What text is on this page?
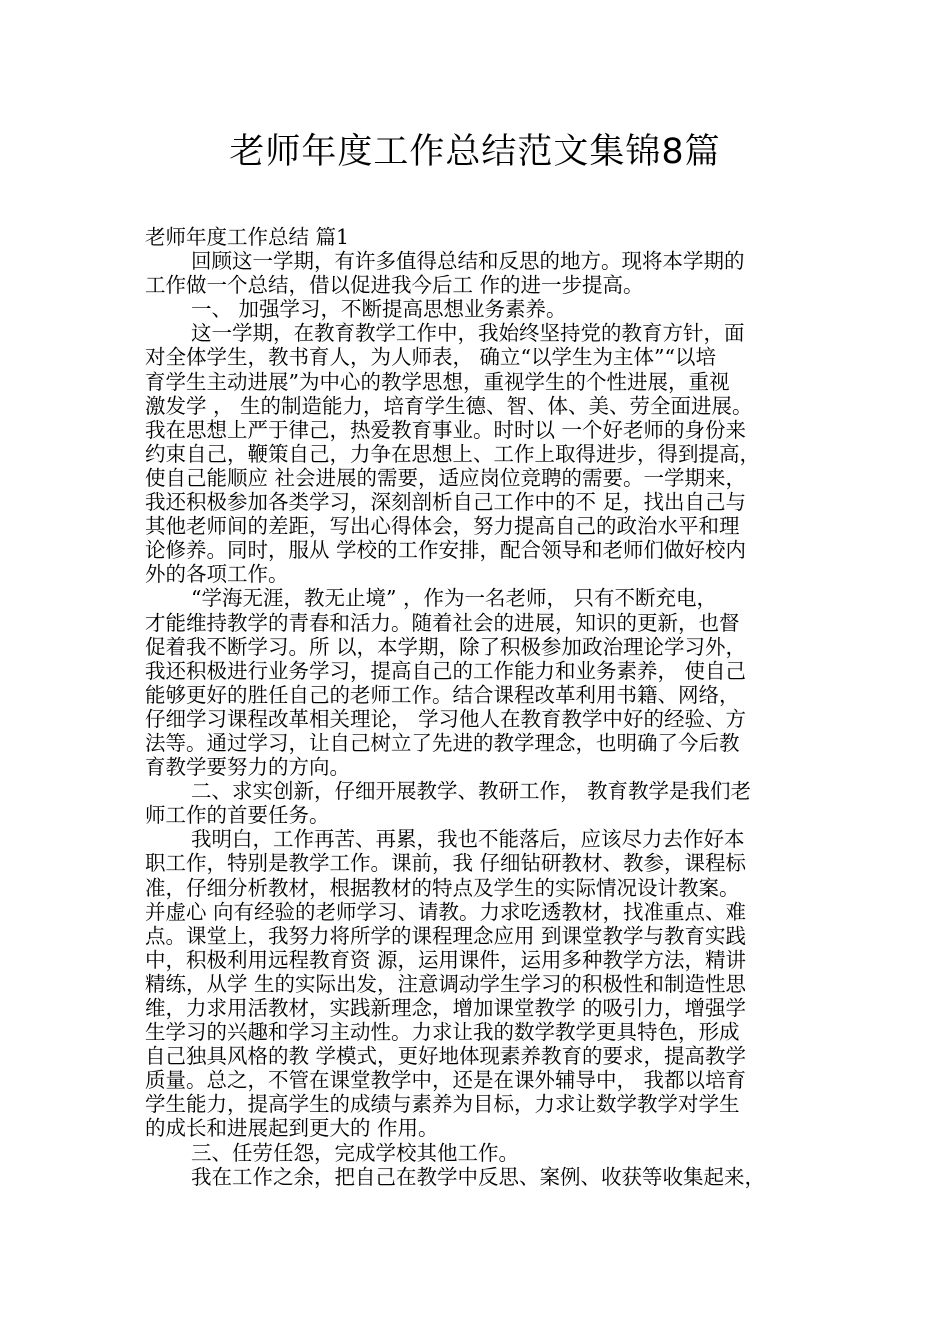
老师年度工作总结范文集锦8篇
老师年度工作总结 篇1
回顾这一学期，有许多值得总结和反思的地方。现将本学期的
工作做一个总结，借以促进我今后工 作的进一步提高。
一、 加强学习，不断提高思想业务素养。
这一学期，在教育教学工作中，我始终坚持党的教育方针，面
对全体学生，教书育人，为人师表， 确立“以学生为主体”“以培
育学生主动进展”为中心的教学思想，重视学生的个性进展，重视
激发学 ， 生的制造能力，培育学生德、智、体、美、劳全面进展。
我在思想上严于律己，热爱教育事业。时时以 一个好老师的身份来
约束自己，鞭策自己，力争在思想上、工作上取得进步，得到提高，
使自己能顺应 社会进展的需要，适应岗位竞聘的需要。一学期来，
我还积极参加各类学习，深刻剖析自己工作中的不 足，找出自己与
其他老师间的差距，写出心得体会，努力提高自己的政治水平和理
论修养。同时，服从 学校的工作安排，配合领导和老师们做好校内
外的各项工作。
“学海无涯，教无止境” ，作为一名老师， 只有不断充电，
才能维持教学的青春和活力。随着社会的进展，知识的更新，也督
促着我不断学习。所 以，本学期，除了积极参加政治理论学习外，
我还积极进行业务学习，提高自己的工作能力和业务素养， 使自己
能够更好的胜任自己的老师工作。结合课程改革利用书籍、网络，
仔细学习课程改革相关理论， 学习他人在教育教学中好的经验、方
法等。通过学习，让自己树立了先进的教学理念，也明确了今后教
育教学要努力的方向。
二、求实创新，仔细开展教学、教研工作， 教育教学是我们老
师工作的首要任务。
我明白，工作再苦、再累，我也不能落后，应该尽力去作好本
职工作，特别是教学工作。课前，我 仔细钻研教材、教参，课程标
准，仔细分析教材，根据教材的特点及学生的实际情况设计教案。
并虚心 向有经验的老师学习、请教。力求吃透教材，找准重点、难
点。课堂上，我努力将所学的课程理念应用 到课堂教学与教育实践
中，积极利用远程教育资 源，运用课件，运用多种教学方法，精讲
精练，从学 生的实际出发，注意调动学生学习的积极性和制造性思
维，力求用活教材，实践新理念，增加课堂教学 的吸引力，增强学
生学习的兴趣和学习主动性。力求让我的数学教学更具特色，形成
自己独具风格的教 学模式，更好地体现素养教育的要求，提高教学
质量。总之，不管在课堂教学中，还是在课外辅导中， 我都以培育
学生能力，提高学生的成绩与素养为目标，力求让数学教学对学生
的成长和进展起到更大的 作用。
三、任劳任怨，完成学校其他工作。
我在工作之余，把自己在教学中反思、案例、收获等收集起来，
